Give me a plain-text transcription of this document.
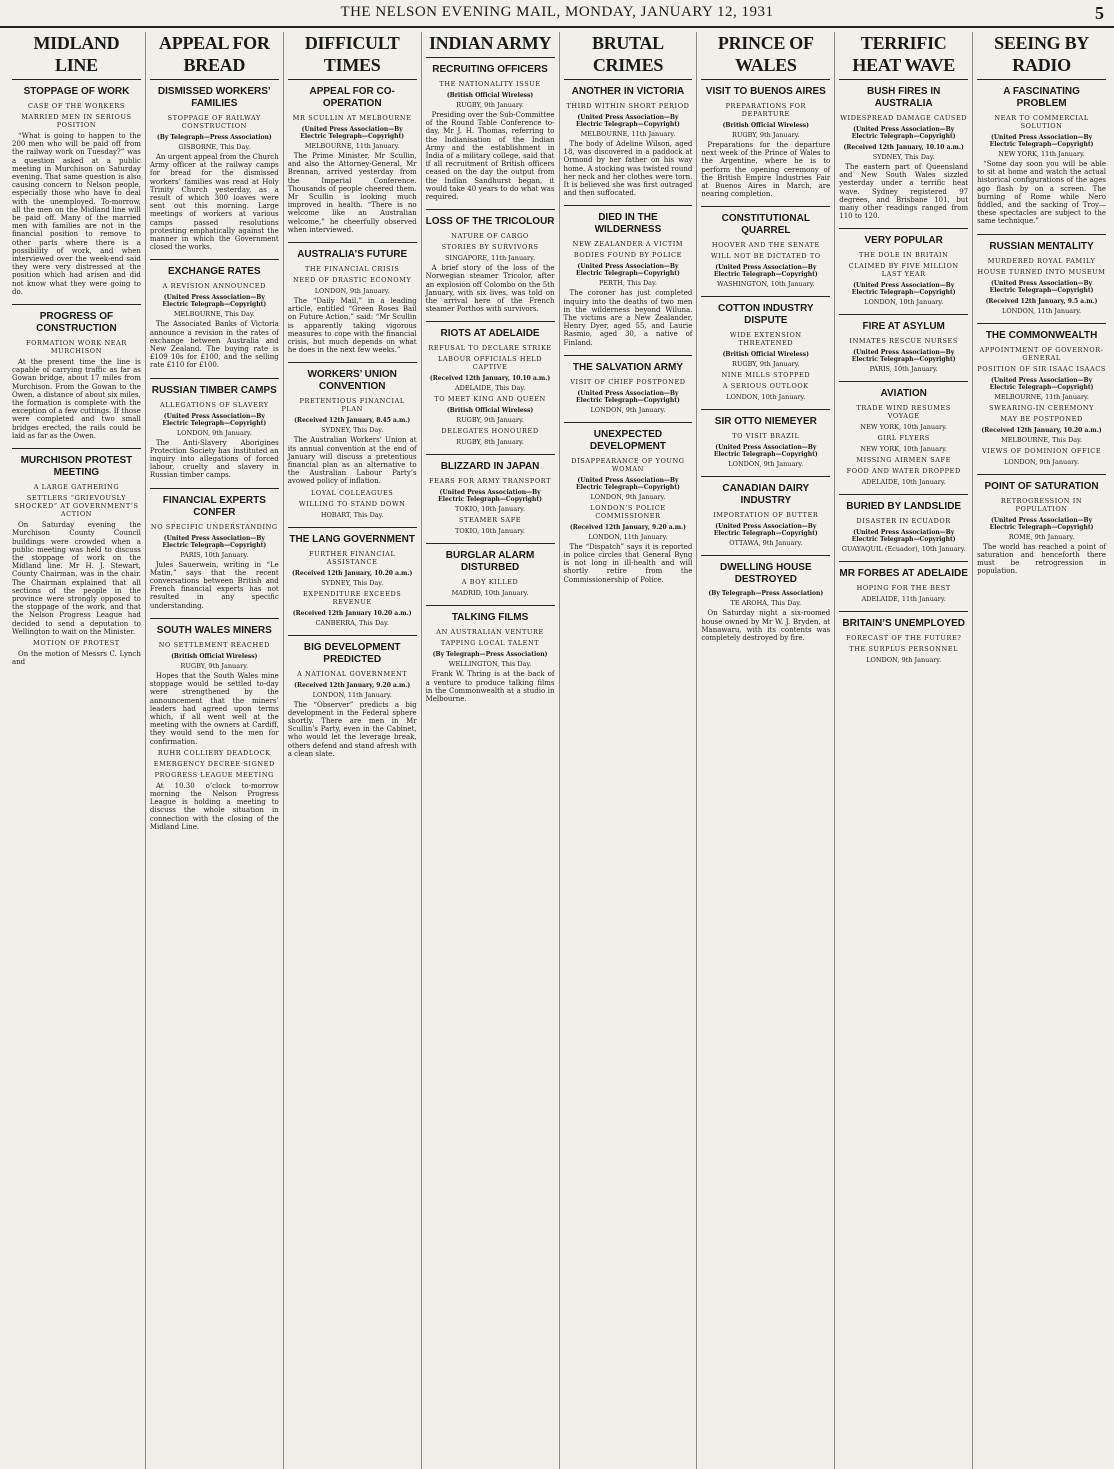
THE NELSON EVENING MAIL, MONDAY, JANUARY 12, 1931	5
MIDLAND LINE
STOPPAGE OF WORK
CASE OF THE WORKERS
MARRIED MEN IN SERIOUS POSITION

“What is going to happen to the 200 men who will be paid off from the railway work on Tuesday?” was a question asked at a public meeting in Murchison on Saturday evening. That same question is also causing concern to Nelson people, especially those who have to deal with the unemployed. To-morrow, all the men on the Midland line will be paid off. Many of the married men with families are not in the financial position to remove to other parts where there is a possibility of work, and when interviewed over the week-end said they were very distressed at the position which had arisen and did not know what they were going to do.

PROGRESS OF CONSTRUCTION
FORMATION WORK NEAR MURCHISON

At the present time the line is capable of carrying traffic as far as Gowan bridge, about 17 miles from Murchison. From the Gowan to the Owen, a distance of about six miles, the formation is complete with the exception of a few cuttings. If those were completed and two small bridges erected, the rails could be laid as far as the Owen.

MURCHISON PROTEST MEETING
A LARGE GATHERING
SETTLERS “GRIEVOUSLY SHOCKED” AT GOVERNMENT’S ACTION

On Saturday evening the Murchison County Council buildings were crowded when a public meeting was held to discuss the stoppage of work on the Midland line. Mr H. J. Stewart, County Chairman, was in the chair. The Chairman explained that all sections of the people in the province were strongly opposed to the stoppage of the work, and that the Nelson Progress League had decided to send a deputation to Wellington to wait on the Minister.

MOTION OF PROTEST

On the motion of Messrs C. Lynch and

APPEAL FOR BREAD
DISMISSED WORKERS’ FAMILIES
STOPPAGE OF RAILWAY CONSTRUCTION
(By Telegraph—Press Association)
GISBORNE, This Day.

An urgent appeal from the Church Army officer at the railway camps for bread for the dismissed workers’ families was read at Holy Trinity Church yesterday, as a result of which 300 loaves were sent out this morning. Large meetings of workers at various camps passed resolutions protesting emphatically against the manner in which the Government closed the works.

EXCHANGE RATES
A REVISION ANNOUNCED
(United Press Association—By Electric Telegraph—Copyright)
MELBOURNE, This Day.

The Associated Banks of Victoria announce a revision in the rates of exchange between Australia and New Zealand. The buying rate is £109 10s for £100, and the selling rate £110 for £100.

RUSSIAN TIMBER CAMPS
ALLEGATIONS OF SLAVERY
(United Press Association—By Electric Telegraph—Copyright)
LONDON, 9th January.

The Anti-Slavery Aborigines Protection Society has instituted an inquiry into allegations of forced labour, cruelty and slavery in Russian timber camps.

FINANCIAL EXPERTS CONFER
NO SPECIFIC UNDERSTANDING
(United Press Association—By Electric Telegraph—Copyright)
PARIS, 10th January.

Jules Sauerwein, writing in “Le Matin,” says that the recent conversations between British and French financial experts has not resulted in any specific understanding.

SOUTH WALES MINERS
NO SETTLEMENT REACHED
(British Official Wireless)
RUGBY, 9th January.

Hopes that the South Wales mine stoppage would be settled to-day were strengthened by the announcement that the miners’ leaders had agreed upon terms which, if all went well at the meeting with the owners at Cardiff, they would send to the men for confirmation.

RUHR COLLIERY DEADLOCK
EMERGENCY DECREE SIGNED
PROGRESS LEAGUE MEETING

At 10.30 o’clock to-morrow morning the Nelson Progress League is holding a meeting to discuss the whole situation in connection with the closing of the Midland Line.

DIFFICULT TIMES
APPEAL FOR CO-OPERATION
MR SCULLIN AT MELBOURNE
(United Press Association—By Electric Telegraph—Copyright)
MELBOURNE, 11th January.

The Prime Minister, Mr Scullin, and also the Attorney-General, Mr Brennan, arrived yesterday from the Imperial Conference. Thousands of people cheered them. Mr Scullin is looking much improved in health. “There is no welcome like an Australian welcome,” he cheerfully observed when interviewed.

AUSTRALIA’S FUTURE
THE FINANCIAL CRISIS
NEED OF DRASTIC ECONOMY
LONDON, 9th January.

The “Daily Mail,” in a leading article, entitled “Green Roses Bail on Future Action,” said: “Mr Scullin is apparently taking vigorous measures to cope with the financial crisis, but much depends on what he does in the next few weeks.”

WORKERS’ UNION CONVENTION
PRETENTIOUS FINANCIAL PLAN
(Received 12th January, 8.45 a.m.)
SYDNEY, This Day.

The Australian Workers’ Union at its annual convention at the end of January will discuss a pretentious financial plan as an alternative to the Australian Labour Party’s avowed policy of inflation.

LOYAL COLLEAGUES
WILLING TO STAND DOWN
HOBART, This Day.
THE LANG GOVERNMENT
FURTHER FINANCIAL ASSISTANCE
(Received 12th January, 10.20 a.m.)
SYDNEY, This Day.
EXPENDITURE EXCEEDS REVENUE
(Received 12th January 10.20 a.m.)
CANBERRA, This Day.
BIG DEVELOPMENT PREDICTED
A NATIONAL GOVERNMENT
(Received 12th January, 9.20 a.m.)
LONDON, 11th January.

The “Observer” predicts a big development in the Federal sphere shortly. There are men in Mr Scullin’s Party, even in the Cabinet, who would let the leverage break, others defend and stand afresh with a clean slate.

INDIAN ARMY
RECRUITING OFFICERS
THE NATIONALITY ISSUE
(British Official Wireless)
RUGBY, 9th January.

Presiding over the Sub-Committee of the Round Table Conference to-day, Mr J. H. Thomas, referring to the Indianisation of the Indian Army and the establishment in India of a military college, said that if all recruitment of British officers ceased on the day the output from the Indian Sandhurst began, it would take 40 years to do what was required.

LOSS OF THE TRICOLOUR
NATURE OF CARGO
STORIES BY SURVIVORS
SINGAPORE, 11th January.

A brief story of the loss of the Norwegian steamer Tricolor, after an explosion off Colombo on the 5th January, with six lives, was told on the arrival here of the French steamer Porthos with survivors.

RIOTS AT ADELAIDE
REFUSAL TO DECLARE STRIKE
LABOUR OFFICIALS HELD CAPTIVE
(Received 12th January, 10.10 a.m.)
ADELAIDE, This Day.
TO MEET KING AND QUEEN
(British Official Wireless)
RUGBY, 9th January.
DELEGATES HONOURED
RUGBY, 8th January.
BLIZZARD IN JAPAN
FEARS FOR ARMY TRANSPORT
(United Press Association—By Electric Telegraph—Copyright)
TOKIO, 10th January.
STEAMER SAFE
TOKIO, 10th January.
BURGLAR ALARM DISTURBED
A BOY KILLED
MADRID, 10th January.
TALKING FILMS
AN AUSTRALIAN VENTURE
TAPPING LOCAL TALENT
(By Telegraph—Press Association)
WELLINGTON, This Day.

Frank W. Thring is at the back of a venture to produce talking films in the Commonwealth at a studio in Melbourne.

BRUTAL CRIMES
ANOTHER IN VICTORIA
THIRD WITHIN SHORT PERIOD
(United Press Association—By Electric Telegraph—Copyright)
MELBOURNE, 11th January.

The body of Adeline Wilson, aged 18, was discovered in a paddock at Ormond by her father on his way home. A stocking was twisted round her neck and her clothes were torn. It is believed she was first outraged and then suffocated.

DIED IN THE WILDERNESS
NEW ZEALANDER A VICTIM
BODIES FOUND BY POLICE
(United Press Association—By Electric Telegraph—Copyright)
PERTH, This Day.

The coroner has just completed inquiry into the deaths of two men in the wilderness beyond Wiluna. The victims are a New Zealander, Henry Dyer, aged 55, and Laurie Rasmio, aged 30, a native of Finland.

THE SALVATION ARMY
VISIT OF CHIEF POSTPONED
(United Press Association—By Electric Telegraph—Copyright)
LONDON, 9th January.
UNEXPECTED DEVELOPMENT
DISAPPEARANCE OF YOUNG WOMAN
(United Press Association—By Electric Telegraph—Copyright)
LONDON, 9th January.
LONDON’S POLICE COMMISSIONER
(Received 12th January, 9.20 a.m.)
LONDON, 11th January.

The “Dispatch” says it is reported in police circles that General Byng is not long in ill-health and will shortly retire from the Commissionership of Police.

PRINCE OF WALES
VISIT TO BUENOS AIRES
PREPARATIONS FOR DEPARTURE
(British Official Wireless)
RUGBY, 9th January.

Preparations for the departure next week of the Prince of Wales to the Argentine, where he is to perform the opening ceremony of the British Empire Industries Fair at Buenos Aires in March, are nearing completion.

CONSTITUTIONAL QUARREL
HOOVER AND THE SENATE
WILL NOT BE DICTATED TO
(United Press Association—By Electric Telegraph—Copyright)
WASHINGTON, 10th January.
COTTON INDUSTRY DISPUTE
WIDE EXTENSION THREATENED
(British Official Wireless)
RUGBY, 9th January.
NINE MILLS STOPPED
A SERIOUS OUTLOOK
LONDON, 10th January.
SIR OTTO NIEMEYER
TO VISIT BRAZIL
(United Press Association—By Electric Telegraph—Copyright)
LONDON, 9th January.
CANADIAN DAIRY INDUSTRY
IMPORTATION OF BUTTER
(United Press Association—By Electric Telegraph—Copyright)
OTTAWA, 9th January.
DWELLING HOUSE DESTROYED
(By Telegraph—Press Association)
TE AROHA, This Day.

On Saturday night a six-roomed house owned by Mr W. J. Bryden, at Manawaru, with its contents was completely destroyed by fire.

TERRIFIC HEAT WAVE
BUSH FIRES IN AUSTRALIA
WIDESPREAD DAMAGE CAUSED
(United Press Association—By Electric Telegraph—Copyright)
(Received 12th January, 10.10 a.m.)
SYDNEY, This Day.

The eastern part of Queensland and New South Wales sizzled yesterday under a terrific heat wave. Sydney registered 97 degrees, and Brisbane 101, but many other readings ranged from 110 to 120.

VERY POPULAR
THE DOLE IN BRITAIN
CLAIMED BY FIVE MILLION LAST YEAR
(United Press Association—By Electric Telegraph—Copyright)
LONDON, 10th January.
FIRE AT ASYLUM
INMATES RESCUE NURSES
(United Press Association—By Electric Telegraph—Copyright)
PARIS, 10th January.
AVIATION
TRADE WIND RESUMES VOYAGE
NEW YORK, 10th January.
GIRL FLYERS
NEW YORK, 10th January.
MISSING AIRMEN SAFE
FOOD AND WATER DROPPED
ADELAIDE, 10th January.
BURIED BY LANDSLIDE
DISASTER IN ECUADOR
(United Press Association—By Electric Telegraph—Copyright)
GUAYAQUIL (Ecuador), 10th January.
MR FORBES AT ADELAIDE
HOPING FOR THE BEST
ADELAIDE, 11th January.
BRITAIN’S UNEMPLOYED
FORECAST OF THE FUTURE?
THE SURPLUS PERSONNEL
LONDON, 9th January.
SEEING BY RADIO
A FASCINATING PROBLEM
NEAR TO COMMERCIAL SOLUTION
(United Press Association—By Electric Telegraph—Copyright)
NEW YORK, 11th January.

“Some day soon you will be able to sit at home and watch the actual historical configurations of the ages ago flash by on a screen. The burning of Rome while Nero fiddled, and the sacking of Troy—these spectacles are subject to the same technique.”

RUSSIAN MENTALITY
MURDERED ROYAL FAMILY
HOUSE TURNED INTO MUSEUM
(United Press Association—By Electric Telegraph—Copyright)
(Received 12th January, 9.5 a.m.)
LONDON, 11th January.
THE COMMONWEALTH
APPOINTMENT OF GOVERNOR-GENERAL
POSITION OF SIR ISAAC ISAACS
(United Press Association—By Electric Telegraph—Copyright)
MELBOURNE, 11th January.
SWEARING-IN CEREMONY
MAY BE POSTPONED
(Received 12th January, 10.20 a.m.)
MELBOURNE, This Day.
VIEWS OF DOMINION OFFICE
LONDON, 9th January.
POINT OF SATURATION
RETROGRESSION IN POPULATION
(United Press Association—By Electric Telegraph—Copyright)
ROME, 9th January.

The world has reached a point of saturation and henceforth there must be retrogression in population.
